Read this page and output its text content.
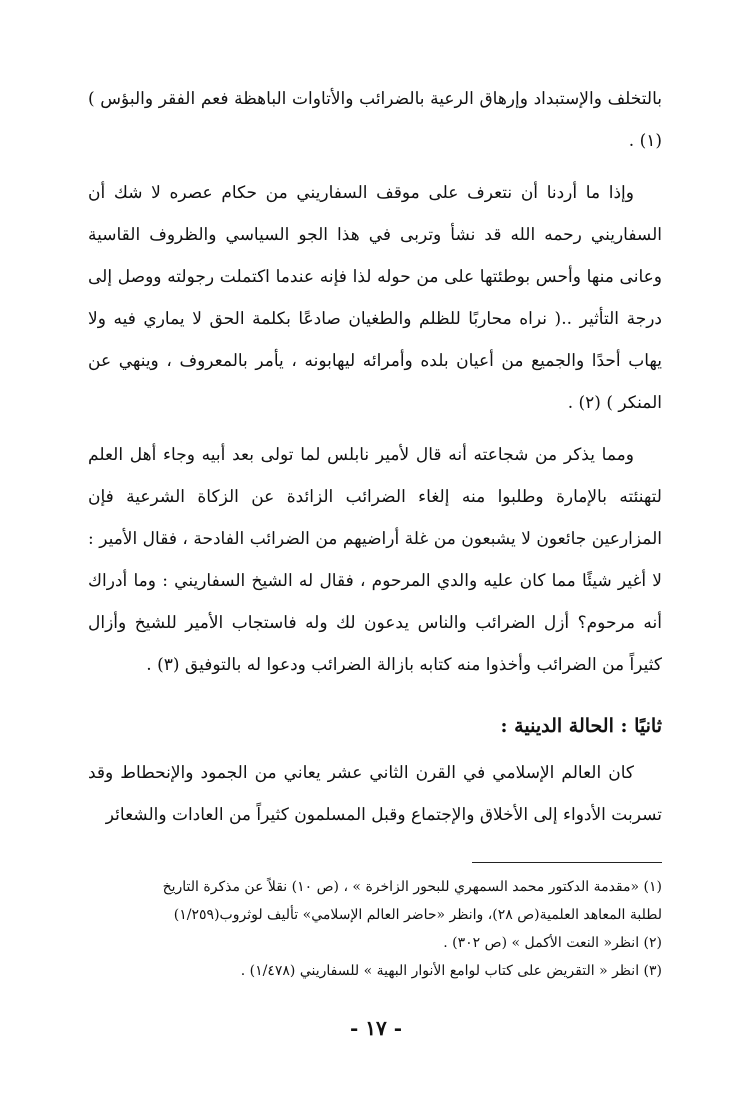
بالتخلف والإستبداد وإرهاق الرعية بالضرائب والأتاوات الباهظة فعم الفقر والبؤس ) (١) .

وإذا ما أردنا أن نتعرف على موقف السفاريني من حكام عصره لا شك أن السفاريني رحمه الله قد نشأ وتربى في هذا الجو السياسي والظروف القاسية وعانى منها وأحس بوطئتها على من حوله لذا فإنه عندما اكتملت رجولته ووصل إلى درجة التأثير ..( نراه محاربًا للظلم والطغيان صادعًا بكلمة الحق لا يماري فيه ولا يهاب أحدًا والجميع من أعيان بلده وأمرائه ليهابونه ، يأمر بالمعروف ، وينهي عن المنكر ) (٢) .

ومما يذكر من شجاعته أنه قال لأمير نابلس لما تولى بعد أبيه وجاء أهل العلم لتهنئته بالإمارة وطلبوا منه إلغاء الضرائب الزائدة عن الزكاة الشرعية فإن المزارعين جائعون لا يشبعون من غلة أراضيهم من الضرائب الفادحة ، فقال الأمير : لا أغير شيئًا مما كان عليه والدي المرحوم ، فقال له الشيخ السفاريني : وما أدراك أنه مرحوم؟ أزل الضرائب والناس يدعون لك وله فاستجاب الأمير للشيخ وأزال كثيراً من الضرائب وأخذوا منه كتابه بازالة الضرائب ودعوا له بالتوفيق (٣) .

ثانيًا : الحالة الدينية :

كان العالم الإسلامي في القرن الثاني عشر يعاني من الجمود والإنحطاط وقد تسربت الأدواء إلى الأخلاق والإجتماع وقبل المسلمون كثيراً من العادات والشعائر

(١) «مقدمة الدكتور محمد السمهري للبحور الزاخرة » ، (ص ١٠) نقلاً عن مذكرة التاريخ

لطلبة المعاهد العلمية(ص ٢٨)، وانظر «حاضر العالم الإسلامي» تأليف لوثروب(١/٢٥٩)

(٢) انظر« النعت الأكمل » (ص ٣٠٢) .

(٣) انظر « التقريض على كتاب لوامع الأنوار البهية » للسفاريني (١/٤٧٨) .

- ١٧ -
